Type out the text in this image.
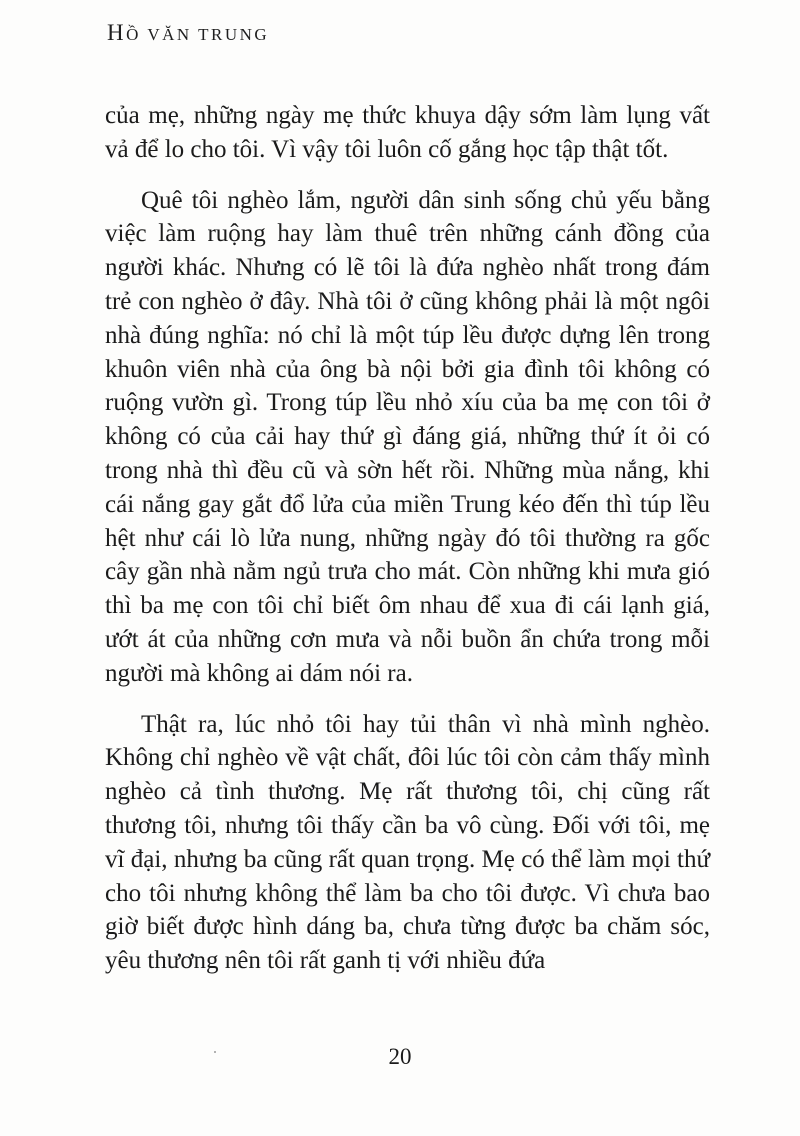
HỒ VĂN TRUNG

của mẹ, những ngày mẹ thức khuya dậy sớm làm lụng vất vả để lo cho tôi. Vì vậy tôi luôn cố gắng học tập thật tốt.

Quê tôi nghèo lắm, người dân sinh sống chủ yếu bằng việc làm ruộng hay làm thuê trên những cánh đồng của người khác. Nhưng có lẽ tôi là đứa nghèo nhất trong đám trẻ con nghèo ở đây. Nhà tôi ở cũng không phải là một ngôi nhà đúng nghĩa: nó chỉ là một túp lều được dựng lên trong khuôn viên nhà của ông bà nội bởi gia đình tôi không có ruộng vườn gì. Trong túp lều nhỏ xíu của ba mẹ con tôi ở không có của cải hay thứ gì đáng giá, những thứ ít ỏi có trong nhà thì đều cũ và sờn hết rồi. Những mùa nắng, khi cái nắng gay gắt đổ lửa của miền Trung kéo đến thì túp lều hệt như cái lò lửa nung, những ngày đó tôi thường ra gốc cây gần nhà nằm ngủ trưa cho mát. Còn những khi mưa gió thì ba mẹ con tôi chỉ biết ôm nhau để xua đi cái lạnh giá, ướt át của những cơn mưa và nỗi buồn ẩn chứa trong mỗi người mà không ai dám nói ra.

Thật ra, lúc nhỏ tôi hay tủi thân vì nhà mình nghèo. Không chỉ nghèo về vật chất, đôi lúc tôi còn cảm thấy mình nghèo cả tình thương. Mẹ rất thương tôi, chị cũng rất thương tôi, nhưng tôi thấy cần ba vô cùng. Đối với tôi, mẹ vĩ đại, nhưng ba cũng rất quan trọng. Mẹ có thể làm mọi thứ cho tôi nhưng không thể làm ba cho tôi được. Vì chưa bao giờ biết được hình dáng ba, chưa từng được ba chăm sóc, yêu thương nên tôi rất ganh tị với nhiều đứa

20
